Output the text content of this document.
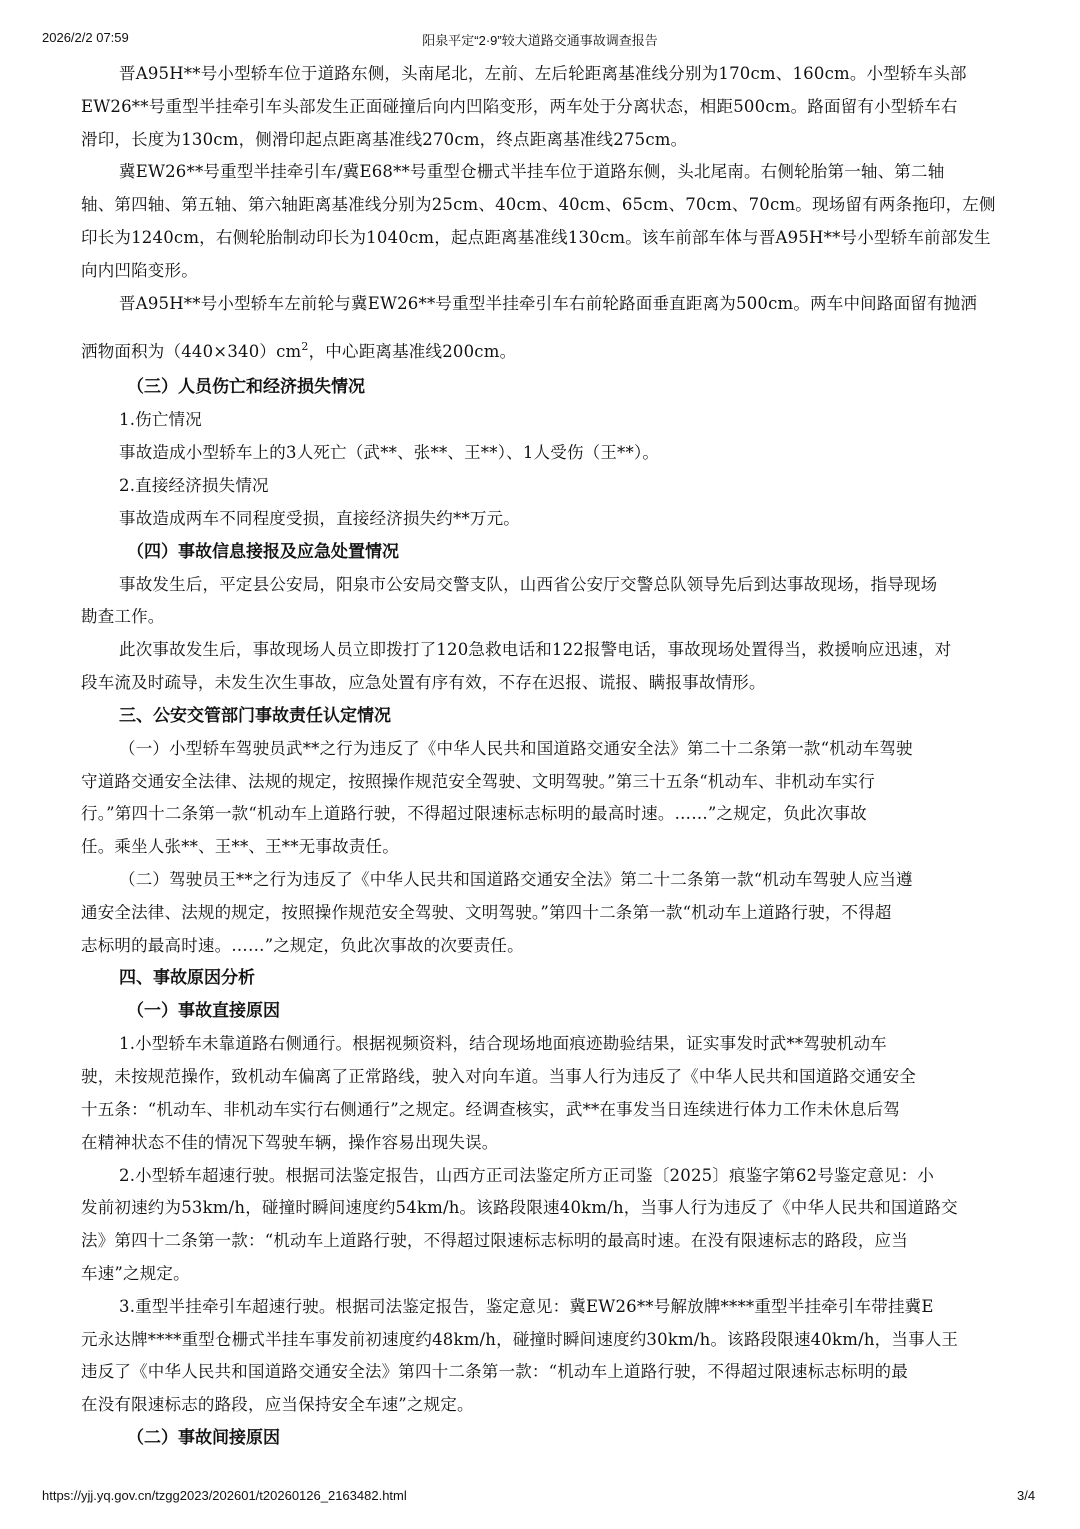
2026/2/2 07:59	阳泉平定“2·9”较大道路交通事故调查报告
晋A95H**号小型轿车位于道路东侧，头南尾北，左前、左后轮距离基准线分别为170cm、160cm。小型轿车头部
EW26**号重型半挂牵引车头部发生正面碰撞后向内凹陷变形，两车处于分离状态，相距500cm。路面留有小型轿车右
滑印，长度为130cm，侧滑印起点距离基准线270cm，终点距离基准线275cm。
冀EW26**号重型半挂牵引车/冀E68**号重型仓栅式半挂车位于道路东侧，头北尾南。右侧轮胎第一轴、第二轴
轴、第四轴、第五轴、第六轴距离基准线分别为25cm、40cm、40cm、65cm、70cm、70cm。现场留有两条拖印，左侧
印长为1240cm，右侧轮胎制动印长为1040cm，起点距离基准线130cm。该车前部车体与晋A95H**号小型轿车前部发生
向内凹陷变形。
晋A95H**号小型轿车左前轮与冀EW26**号重型半挂牵引车右前轮路面垂直距离为500cm。两车中间路面留有抛洒
洒物面积为$(440\times 340)cm^2$，中心距离基准线200cm。
（三）人员伤亡和经济损失情况
1.伤亡情况
事故造成小型轿车上的3人死亡（武**、张**、王**）、1人受伤（王**）。
2.直接经济损失情况
事故造成两车不同程度受损，直接经济损失约**万元。
（四）事故信息接报及应急处置情况
事故发生后，平定县公安局，阳泉市公安局交警支队，山西省公安厅交警总队领导先后到达事故现场，指导现场
勘查工作。
此次事故发生后，事故现场人员立即拨打了120急救电话和122报警电话，事故现场处置得当，救援响应迅速，对
段车流及时疏导，未发生次生事故，应急处置有序有效，不存在迟报、谎报、瞒报事故情形。
三、公安交管部门事故责任认定情况
（一）小型轿车驾驶员武**之行为违反了《中华人民共和国道路交通安全法》第二十二条第一款“机动车驾驶
守道路交通安全法律、法规的规定，按照操作规范安全驾驶、文明驾驶。”第三十五条“机动车、非机动车实行
行。”第四十二条第一款“机动车上道路行驶，不得超过限速标志标明的最高时速。……”之规定，负此次事故
任。乘坐人张**、王**、王**无事故责任。
（二）驾驶员王**之行为违反了《中华人民共和国道路交通安全法》第二十二条第一款“机动车驾驶人应当遵
通安全法律、法规的规定，按照操作规范安全驾驶、文明驾驶。”第四十二条第一款“机动车上道路行驶，不得超
志标明的最高时速。……”之规定，负此次事故的次要责任。
四、事故原因分析
（一）事故直接原因
1.小型轿车未靠道路右侧通行。根据视频资料，结合现场地面痕迹勘验结果，证实事发时武**驾驶机动车
驶，未按规范操作，致机动车偏离了正常路线，驶入对向车道。当事人行为违反了《中华人民共和国道路交通安全
十五条：“机动车、非机动车实行右侧通行”之规定。经调查核实，武**在事发当日连续进行体力工作未休息后驾
在精神状态不佳的情况下驾驶车辆，操作容易出现失误。
2.小型轿车超速行驶。根据司法鉴定报告，山西方正司法鉴定所方正司鉴〔2025〕痕鉴字第62号鉴定意见：小
发前初速约为53km/h，碰撞时瞬间速度约54km/h。该路段限速40km/h，当事人行为违反了《中华人民共和国道路交
法》第四十二条第一款：“机动车上道路行驶，不得超过限速标志标明的最高时速。在没有限速标志的路段，应当
车速”之规定。
3.重型半挂牵引车超速行驶。根据司法鉴定报告，鉴定意见：冀EW26**号解放牌****重型半挂牵引车带挂冀E
元永达牌****重型仓栅式半挂车事发前初速度约48km/h，碰撞时瞬间速度约30km/h。该路段限速40km/h，当事人王
违反了《中华人民共和国道路交通安全法》第四十二条第一款：“机动车上道路行驶，不得超过限速标志标明的最
在没有限速标志的路段，应当保持安全车速”之规定。
（二）事故间接原因
https://yjj.yq.gov.cn/tzgg2023/202601/t20260126_2163482.html	3/4
